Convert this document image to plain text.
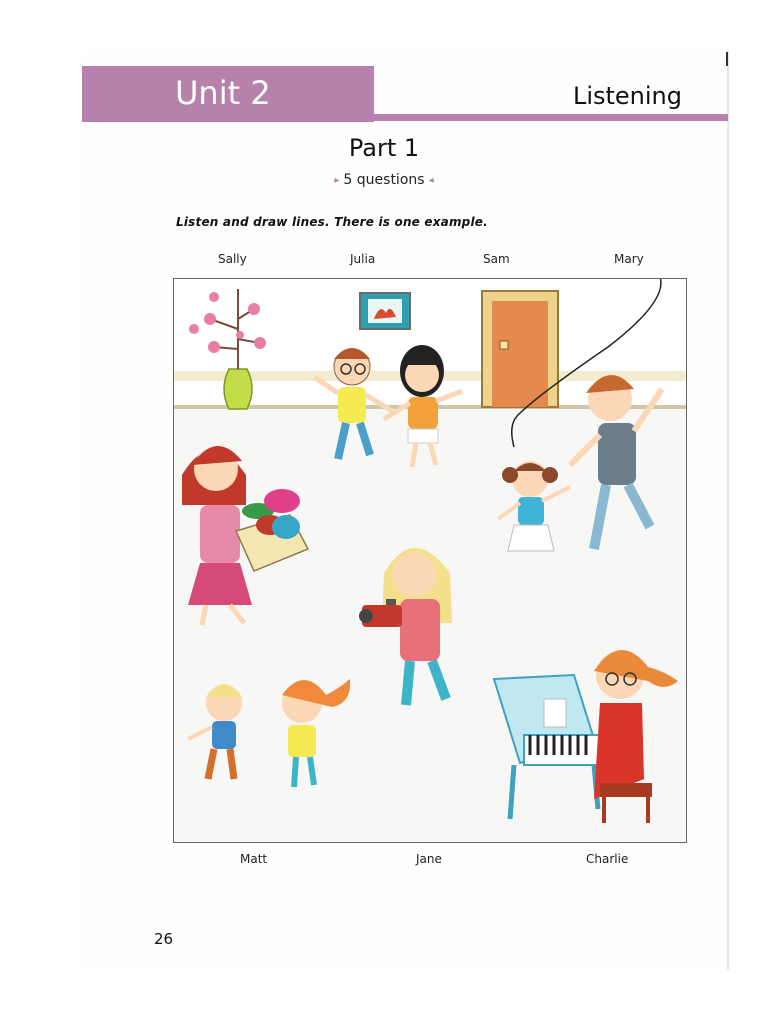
Unit 2	Listening
Part 1
▸ 5 questions ◂
Listen and draw lines. There is one example.
Sally	Julia	Sam	Mary
Matt	Jane	Charlie
26
